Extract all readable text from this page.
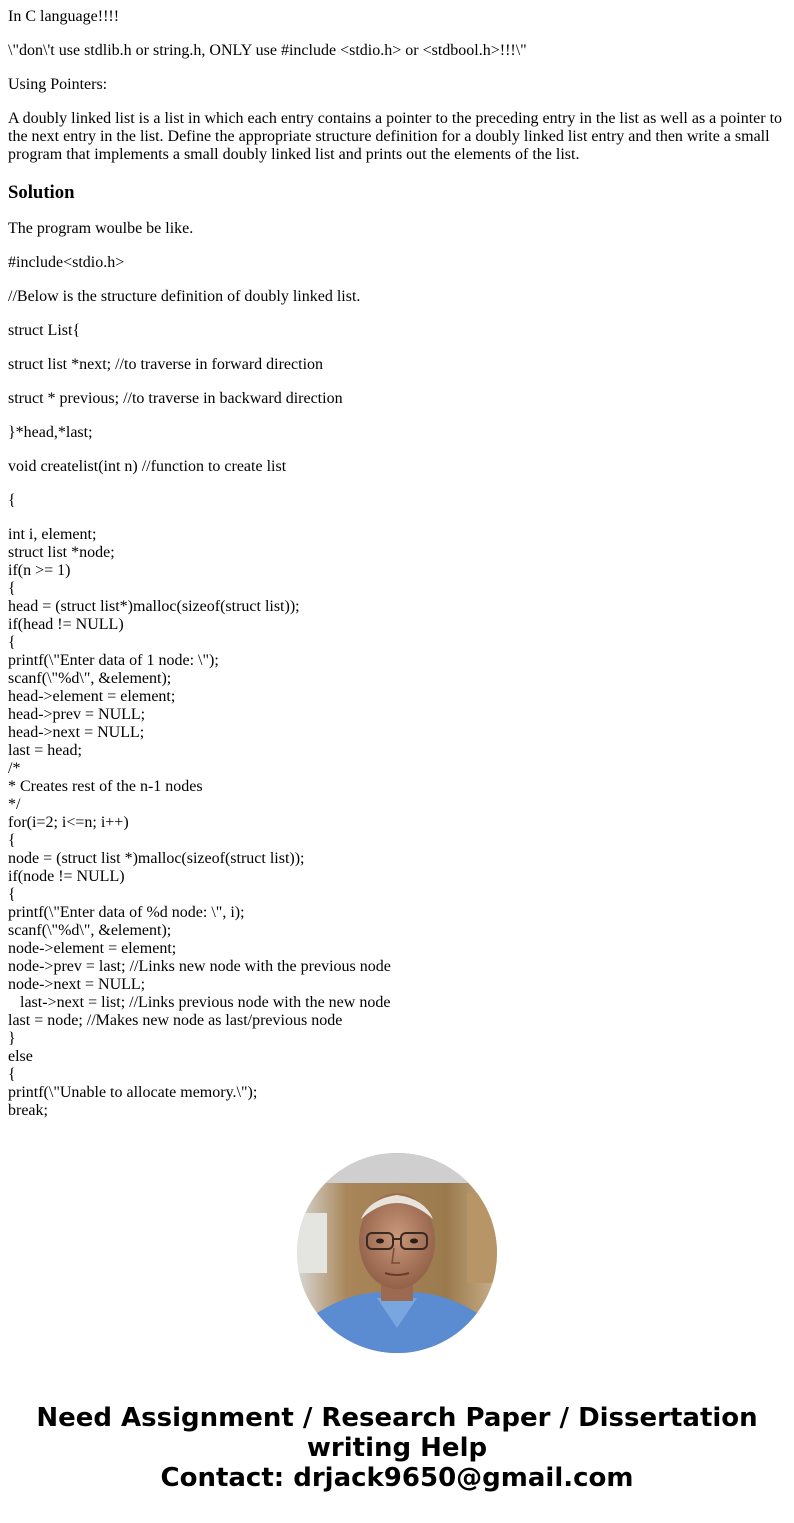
In C language!!!!

\"don\'t use stdlib.h or string.h, ONLY use #include <stdio.h> or <stdbool.h>!!!\"

Using Pointers:

A doubly linked list is a list in which each entry contains a pointer to the preceding entry in the list as well as a pointer to the next entry in the list. Define the appropriate structure definition for a doubly linked list entry and then write a small program that implements a small doubly linked list and prints out the elements of the list.

Solution

The program woulbe be like.

#include<stdio.h>

//Below is the structure definition of doubly linked list.

struct List{

struct list *next; //to traverse in forward direction

struct * previous; //to traverse in backward direction

}*head,*last;

void createlist(int n) //function to create list

{

int i, element;
struct list *node;
if(n >= 1)
{
head = (struct list*)malloc(sizeof(struct list));
if(head != NULL)
{
printf(\"Enter data of 1 node: \");
scanf(\"%d\", &element);
head->element = element;
head->prev = NULL;
head->next = NULL;
last = head;
/*
* Creates rest of the n-1 nodes
*/
for(i=2; i<=n; i++)
{
node = (struct list *)malloc(sizeof(struct list));
if(node != NULL)
{
printf(\"Enter data of %d node: \", i);
scanf(\"%d\", &element);
node->element = element;
node->prev = last; //Links new node with the previous node
node->next = NULL;
last->next = list; //Links previous node with the new node
last = node; //Makes new node as last/previous node
}
else
{
printf(\"Unable to allocate memory.\");
break;
Need Assignment / Research Paper / Dissertation
writing Help
Contact: drjack9650@gmail.com
